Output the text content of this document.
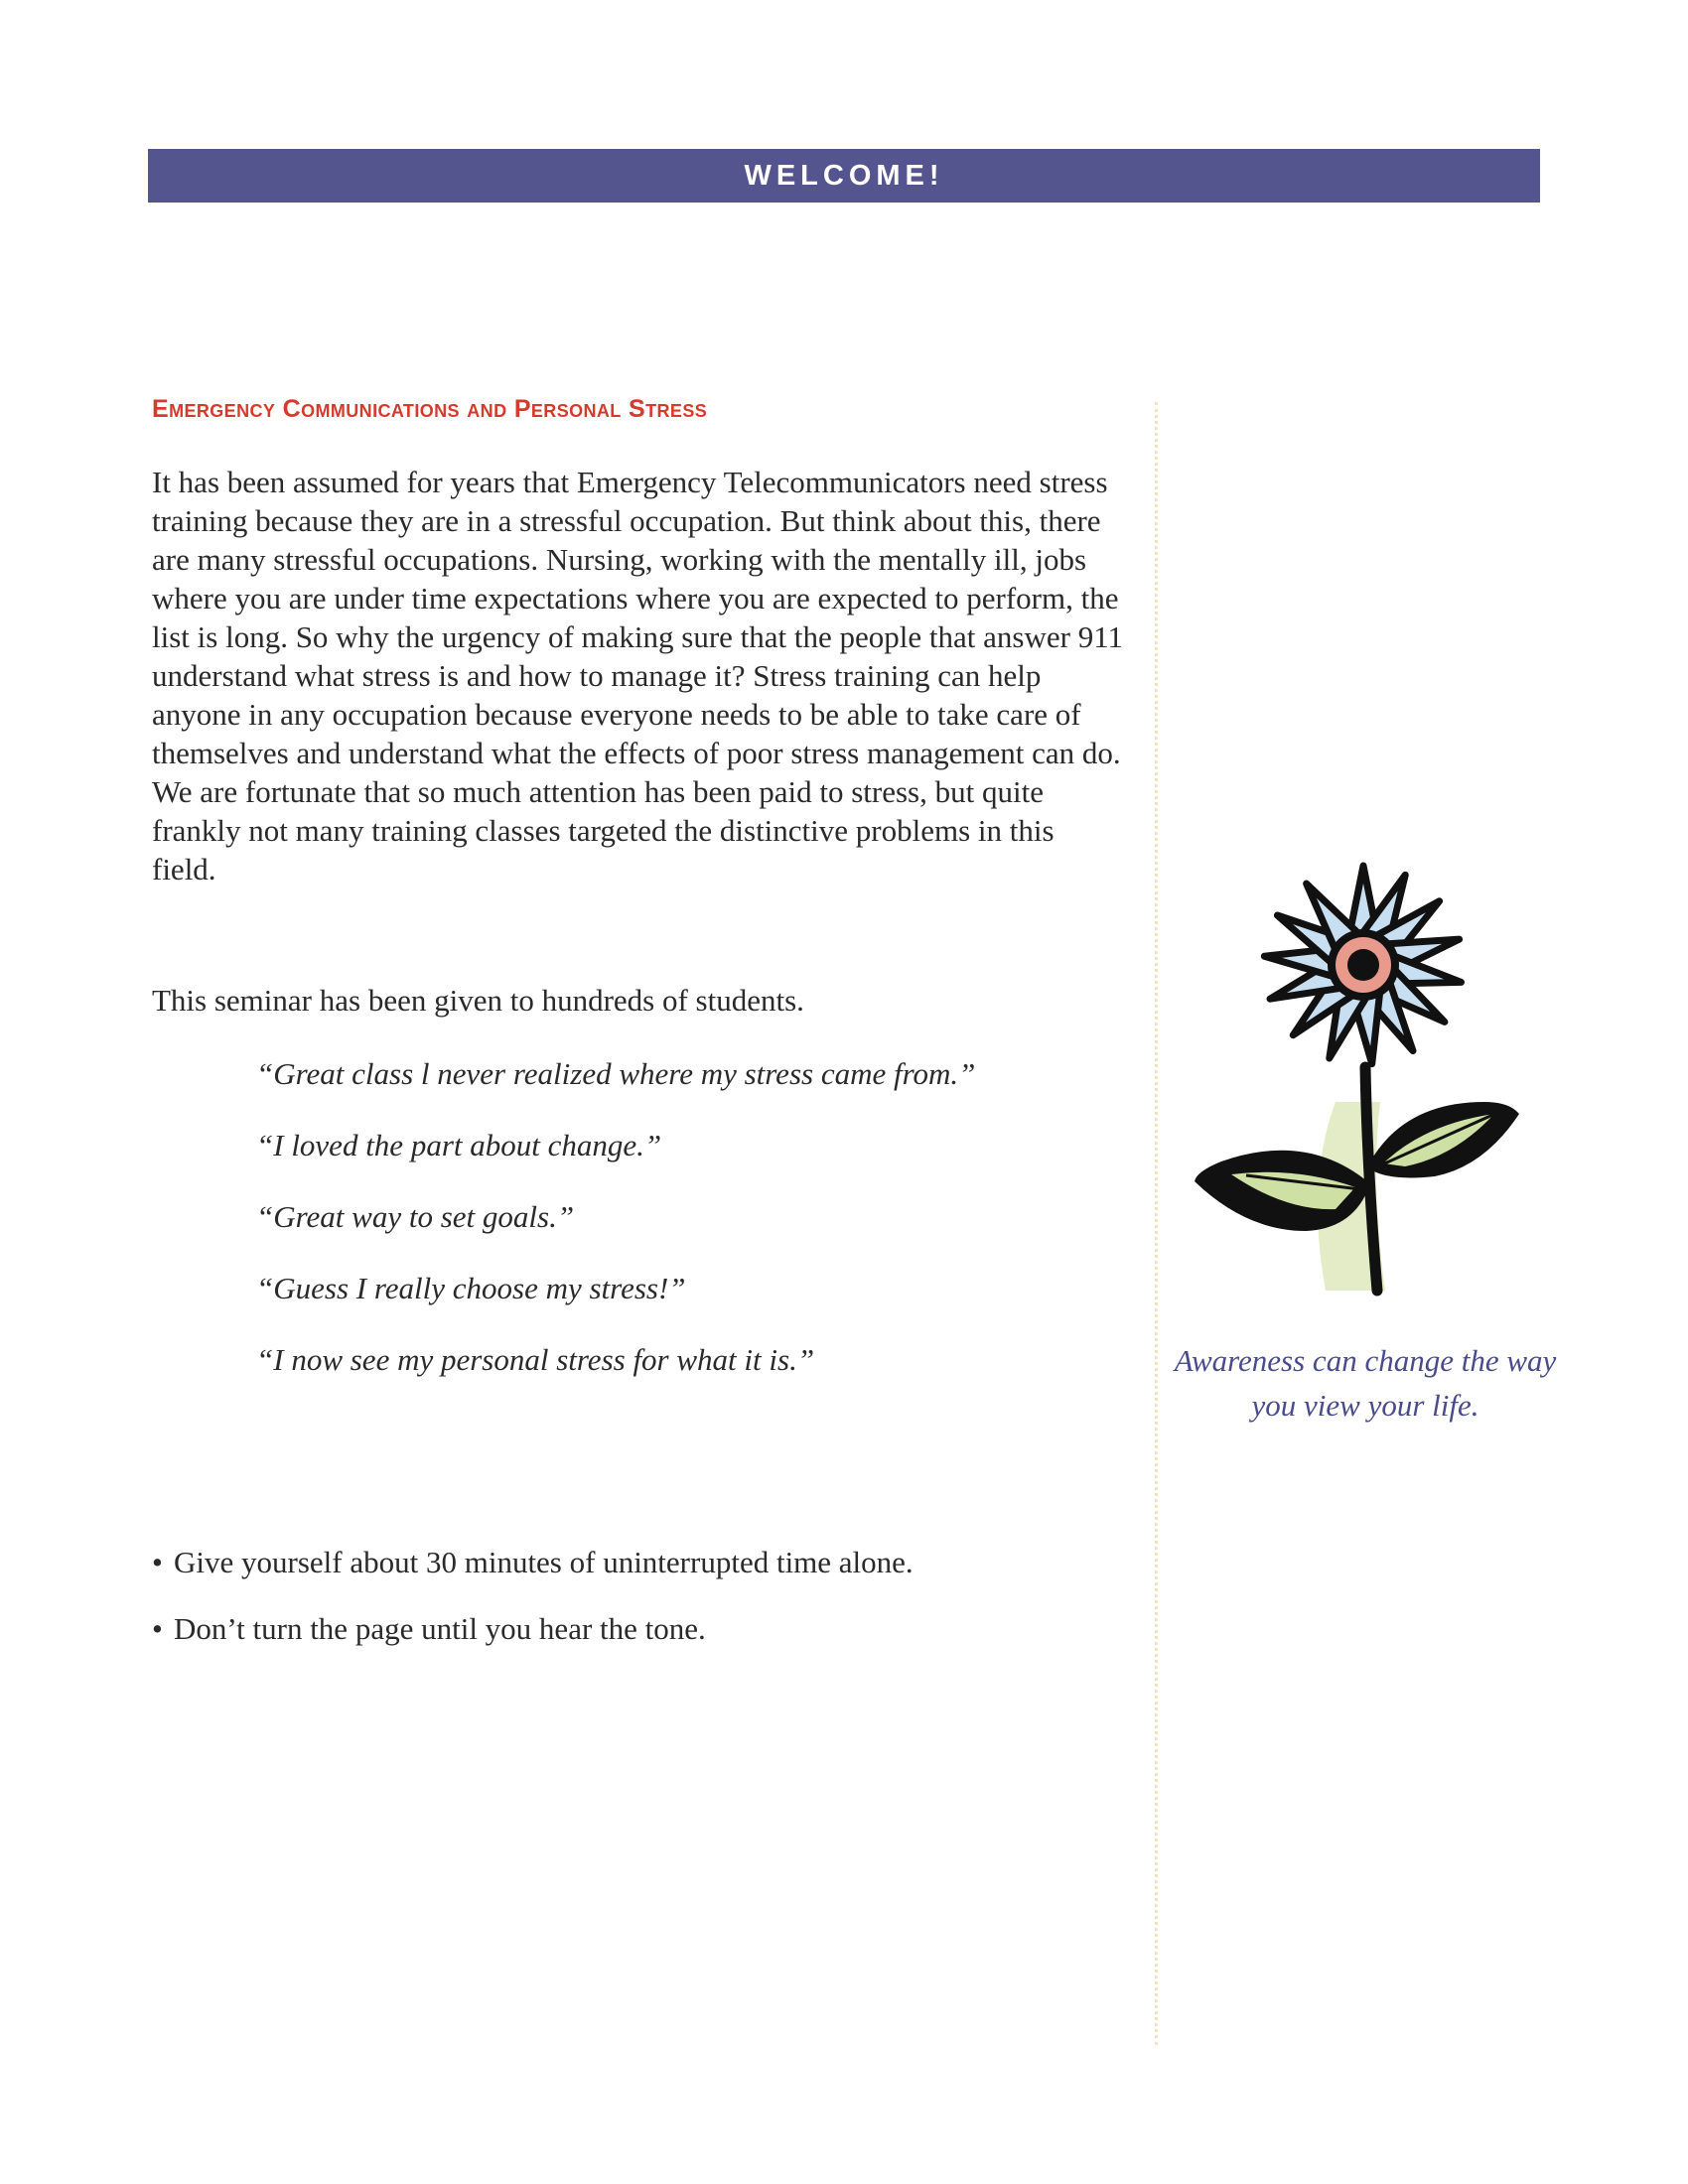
WELCOME!
Emergency Communications and Personal Stress

It has been assumed for years that Emergency Telecommunicators need stress training because they are in a stressful occupation. But think about this, there are many stressful occupations. Nursing, working with the mentally ill, jobs where you are under time expectations where you are expected to perform, the list is long. So why the urgency of making sure that the people that answer 911 understand what stress is and how to manage it? Stress training can help anyone in any occupation because everyone needs to be able to take care of themselves and understand what the effects of poor stress management can do. We are fortunate that so much attention has been paid to stress, but quite frankly not many training classes targeted the distinctive problems in this field.

This seminar has been given to hundreds of students.

“Great class l never realized where my stress came from.”
“I loved the part about change.”
“Great way to set goals.”
“Guess I really choose my stress!”
“I now see my personal stress for what it is.”
• Give yourself about 30 minutes of uninterrupted time alone.
• Don’t turn the page until you hear the tone.

Awareness can change the way you view your life.
